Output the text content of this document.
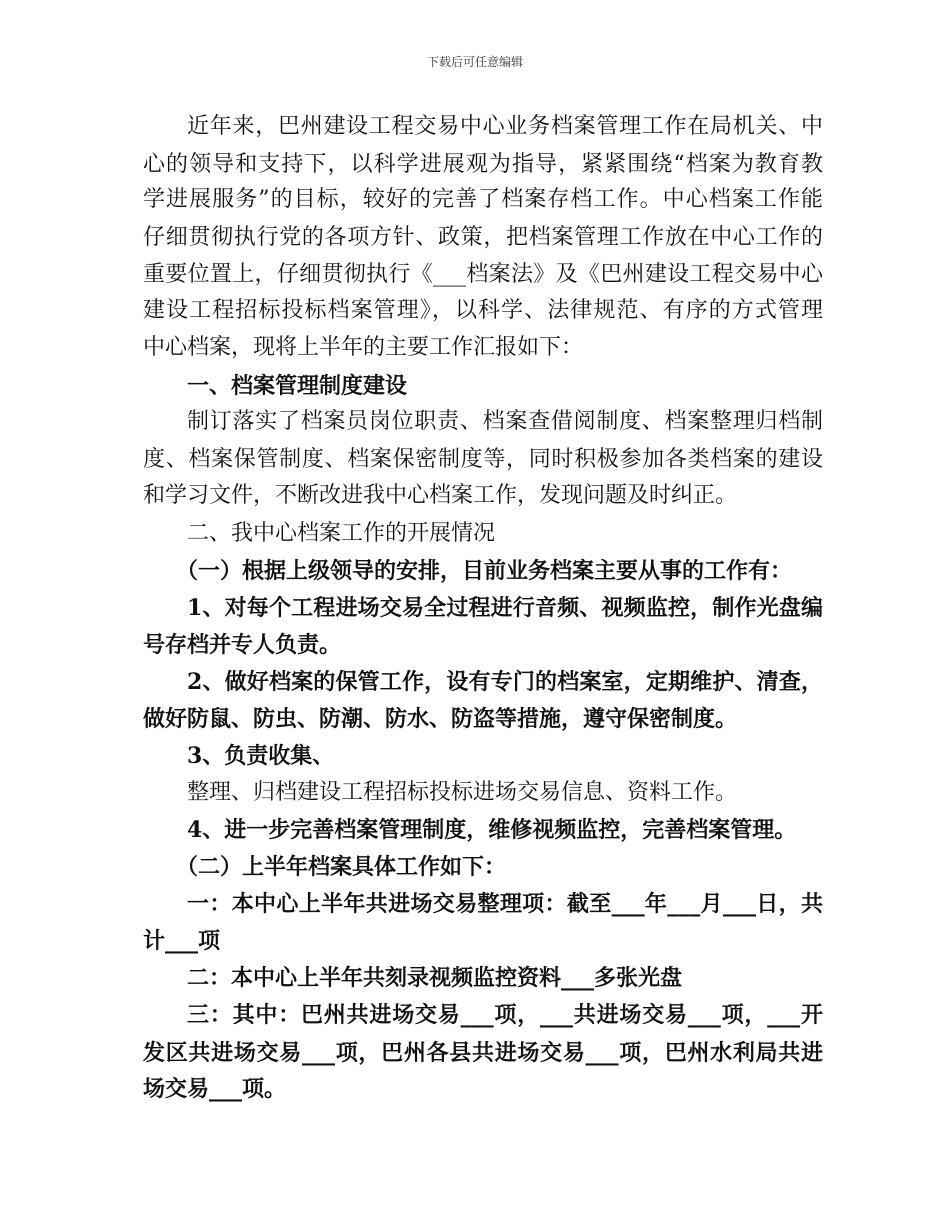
下载后可任意编辑
近年来，巴州建设工程交易中心业务档案管理工作在局机关、中
心的领导和支持下，以科学进展观为指导，紧紧围绕“档案为教育教
学进展服务”的目标，较好的完善了档案存档工作。中心档案工作能
仔细贯彻执行党的各项方针、政策，把档案管理工作放在中心工作的
重要位置上，仔细贯彻执行《___档案法》及《巴州建设工程交易中心
建设工程招标投标档案管理》，以科学、法律规范、有序的方式管理
中心档案，现将上半年的主要工作汇报如下：
一、档案管理制度建设
制订落实了档案员岗位职责、档案查借阅制度、档案整理归档制
度、档案保管制度、档案保密制度等，同时积极参加各类档案的建设
和学习文件，不断改进我中心档案工作，发现问题及时纠正。
二、我中心档案工作的开展情况
（一）根据上级领导的安排，目前业务档案主要从事的工作有：
1、对每个工程进场交易全过程进行音频、视频监控，制作光盘编
号存档并专人负责。
2、做好档案的保管工作，设有专门的档案室，定期维护、清查，
做好防鼠、防虫、防潮、防水、防盗等措施，遵守保密制度。
3、负责收集、
整理、归档建设工程招标投标进场交易信息、资料工作。
4、进一步完善档案管理制度，维修视频监控，完善档案管理。
（二）上半年档案具体工作如下：
一：本中心上半年共进场交易整理项：截至___年___月___日，共
计___项
二：本中心上半年共刻录视频监控资料___多张光盘
三：其中：巴州共进场交易___项，___共进场交易___项，___开
发区共进场交易___项，巴州各县共进场交易___项，巴州水利局共进
场交易___项。
